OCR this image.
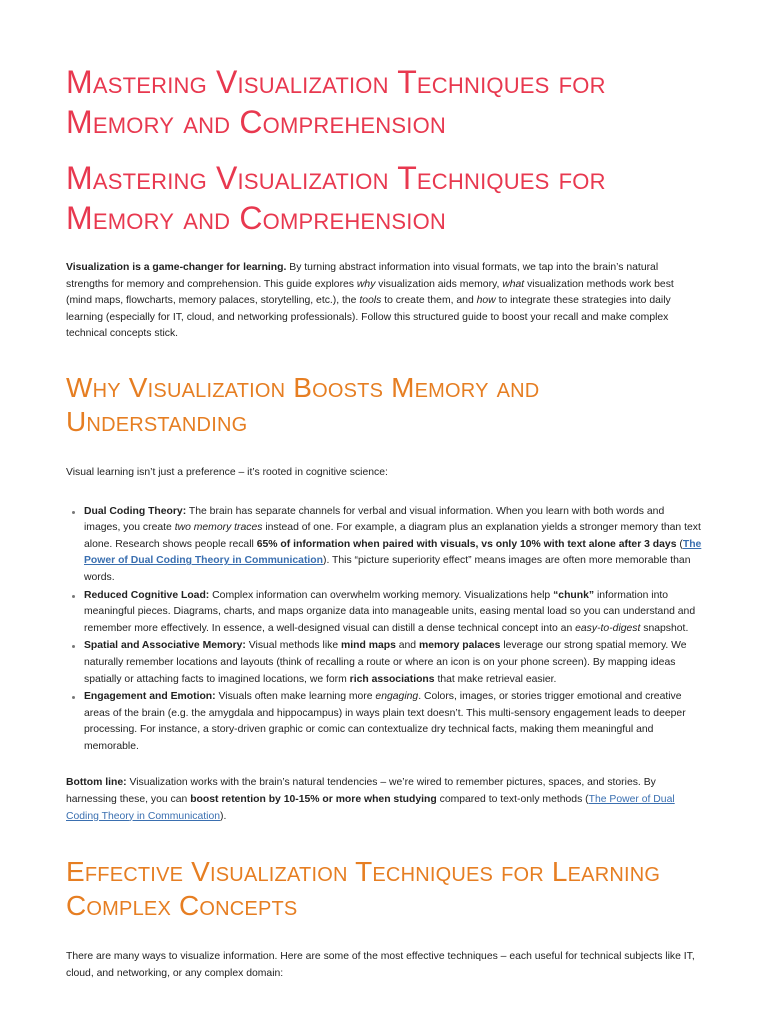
Mastering Visualization Techniques for Memory and Comprehension
Mastering Visualization Techniques for Memory and Comprehension

Visualization is a game-changer for learning. By turning abstract information into visual formats, we tap into the brain’s natural strengths for memory and comprehension. This guide explores why visualization aids memory, what visualization methods work best (mind maps, flowcharts, memory palaces, storytelling, etc.), the tools to create them, and how to integrate these strategies into daily learning (especially for IT, cloud, and networking professionals). Follow this structured guide to boost your recall and make complex technical concepts stick.

Why Visualization Boosts Memory and Understanding

Visual learning isn’t just a preference – it’s rooted in cognitive science:

Dual Coding Theory: The brain has separate channels for verbal and visual information. When you learn with both words and images, you create two memory traces instead of one. For example, a diagram plus an explanation yields a stronger memory than text alone. Research shows people recall 65% of information when paired with visuals, vs only 10% with text alone after 3 days (The Power of Dual Coding Theory in Communication). This “picture superiority effect” means images are often more memorable than words.
Reduced Cognitive Load: Complex information can overwhelm working memory. Visualizations help “chunk” information into meaningful pieces. Diagrams, charts, and maps organize data into manageable units, easing mental load so you can understand and remember more effectively. In essence, a well-designed visual can distill a dense technical concept into an easy-to-digest snapshot.
Spatial and Associative Memory: Visual methods like mind maps and memory palaces leverage our strong spatial memory. We naturally remember locations and layouts (think of recalling a route or where an icon is on your phone screen). By mapping ideas spatially or attaching facts to imagined locations, we form rich associations that make retrieval easier.
Engagement and Emotion: Visuals often make learning more engaging. Colors, images, or stories trigger emotional and creative areas of the brain (e.g. the amygdala and hippocampus) in ways plain text doesn’t. This multi-sensory engagement leads to deeper processing. For instance, a story-driven graphic or comic can contextualize dry technical facts, making them meaningful and memorable.

Bottom line: Visualization works with the brain’s natural tendencies – we’re wired to remember pictures, spaces, and stories. By harnessing these, you can boost retention by 10-15% or more when studying compared to text-only methods (The Power of Dual Coding Theory in Communication).

Effective Visualization Techniques for Learning Complex Concepts

There are many ways to visualize information. Here are some of the most effective techniques – each useful for technical subjects like IT, cloud, and networking, or any complex domain:
